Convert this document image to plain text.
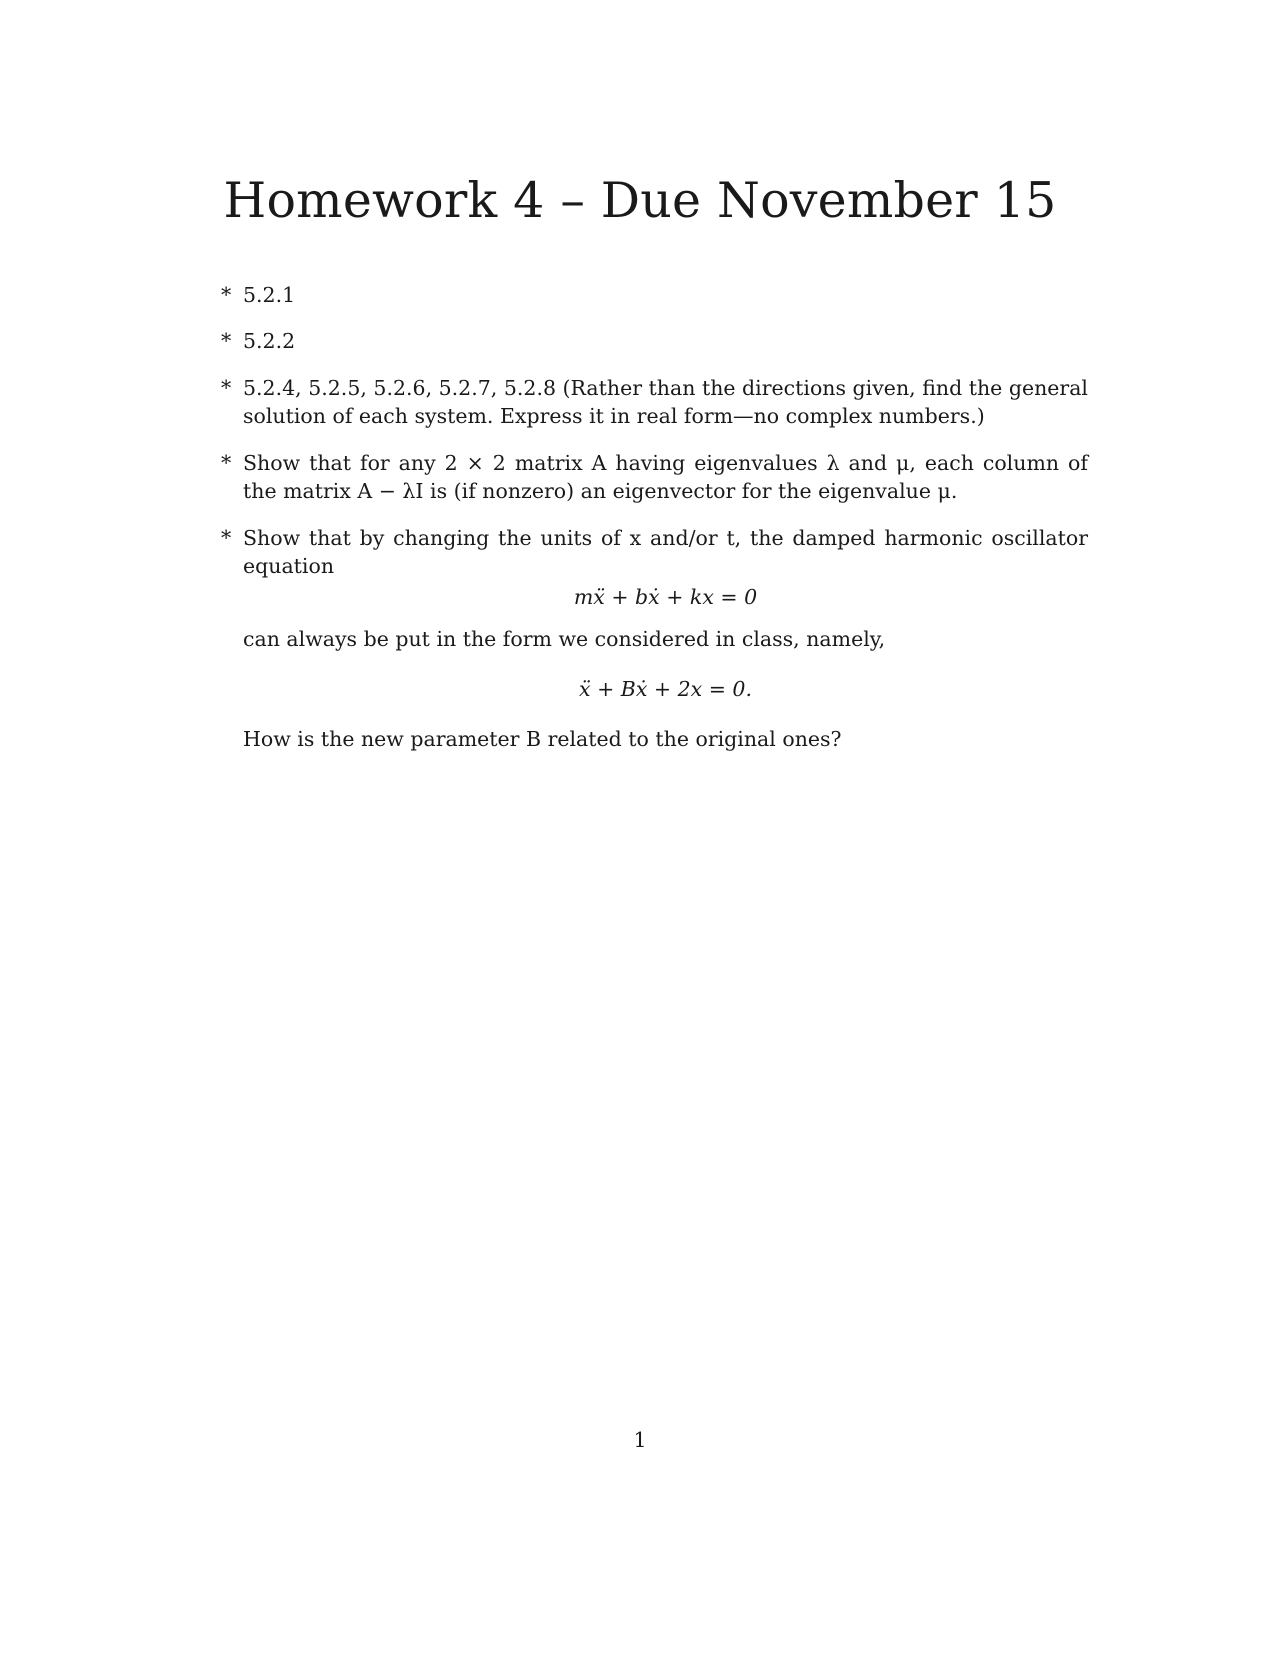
Homework 4 – Due November 15
* 5.2.1

* 5.2.2

* 5.2.4, 5.2.5, 5.2.6, 5.2.7, 5.2.8 (Rather than the directions given, find the general solution of each system. Express it in real form—no complex numbers.)

* Show that for any 2 × 2 matrix A having eigenvalues λ and μ, each column of the matrix A − λI is (if nonzero) an eigenvector for the eigenvalue μ.

* Show that by changing the units of x and/or t, the damped harmonic oscillator equation

mẍ + bẋ + kx = 0

can always be put in the form we considered in class, namely,

ẍ + Bẋ + 2x = 0.

How is the new parameter B related to the original ones?

1
